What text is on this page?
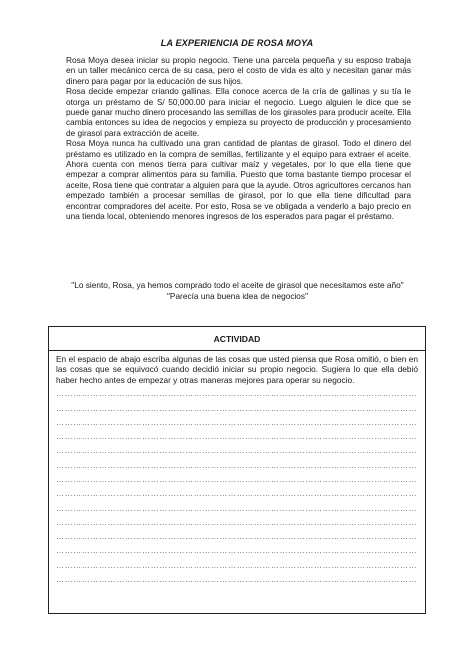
LA EXPERIENCIA DE ROSA MOYA

Rosa Moya desea iniciar su propio negocio. Tiene una parcela pequeña y su esposo trabaja en un taller mecánico cerca de su casa, pero el costo de vida es alto y necesitan ganar más dinero para pagar por la educación de sus hijos.

Rosa decide empezar criando gallinas. Ella conoce acerca de la cría de gallinas y su tía le otorga un préstamo de S/ 50,000.00 para iniciar el negocio. Luego alguien le dice que se puede ganar mucho dinero procesando las semillas de los girasoles para producir aceite. Ella cambia entonces su idea de negocios y empieza su proyecto de producción y procesamiento de girasol para extracción de aceite.

Rosa Moya nunca ha cultivado una gran cantidad de plantas de girasol. Todo el dinero del préstamo es utilizado en la compra de semillas, fertilizante y el equipo para extraer el aceite. Ahora cuenta con menos tierra para cultivar maíz y vegetales, por lo que ella tiene que empezar a comprar alimentos para su familia. Puesto que toma bastante tiempo procesar el aceite, Rosa tiene que contratar a alguien para que la ayude. Otros agricultores cercanos han empezado también a procesar semillas de girasol, por lo que ella tiene dificultad para encontrar compradores del aceite. Por esto, Rosa se ve obligada a venderlo a bajo precio en una tienda local, obteniendo menores ingresos de los esperados para pagar el préstamo.

"Lo siento, Rosa, ya hemos comprado todo el aceite de girasol que necesitamos este año"

"Parecía una buena idea de negocios"

ACTIVIDAD
En el espacio de abajo escriba algunas de las cosas que usted piensa que Rosa omitió, o bien en las cosas que se equivocó cuando decidió iniciar su propio negocio. Sugiera lo que ella debió haber hecho antes de empezar y otras maneras mejores para operar su negocio.
………………………………………………………………………………………………………………
………………………………………………………………………………………………………………
………………………………………………………………………………………………………………
………………………………………………………………………………………………………………
………………………………………………………………………………………………………………
………………………………………………………………………………………………………………
………………………………………………………………………………………………………………
………………………………………………………………………………………………………………
………………………………………………………………………………………………………………
………………………………………………………………………………………………………………
………………………………………………………………………………………………………………
………………………………………………………………………………………………………………
………………………………………………………………………………………………………………
………………………………………………………………………………………………………………
